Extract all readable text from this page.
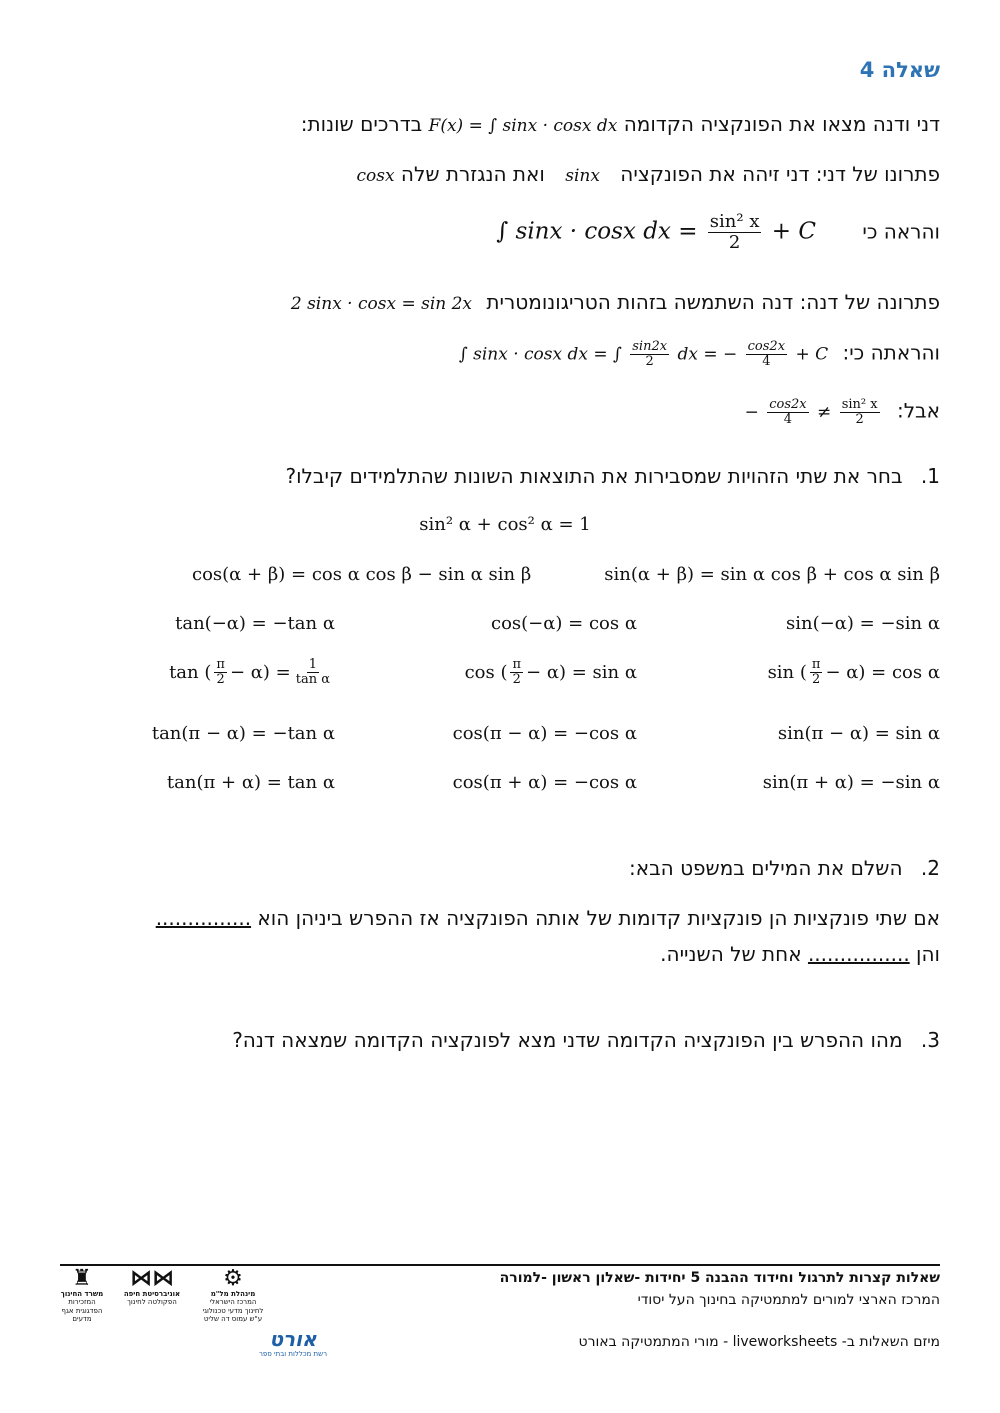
שאלה 4
דני ודנה מצאו את הפונקציה הקדומה F(x) = ∫ sinx · cosx dx בדרכים שונות:
פתרונו של דני: דני זיהה את הפונקציה sinx ואת הנגזרת שלה cosx
והראה כי ∫ sinx · cosx dx = $\frac{\text{sin² x}}{2} + C$
פתרונה של דנה: דנה השתמשה בזהות הטריגונומטרית 2 sinx · cosx = sin 2x
והראתה כי: ∫ sinx · cosx dx = ∫ $\frac{\sin 2x}{2}$ dx = − $\frac{\cos 2x}{4} + C$
אבל: − $\frac{\cos 2x}{4} \ne \frac{\text{sin² x}}{2}$
1. בחר את שתי הזהויות שמסבירות את התוצאות השונות שהתלמידים קיבלו?
sin² α + cos² α = 1
sin(α + β) = sin α cos β + cos α sin β
cos(α + β) = cos α cos β − sin α sin β
sin(−α) = −sin α
cos(−α) = cos α
tan(−α) = −tan α
sin ( $\frac{\pi}{2} - \alpha) = \cos \alpha$
cos ( $\frac{\pi}{2} - \alpha) = \sin \alpha$
tan ( $\frac{\pi}{2} - \alpha) = \frac{1}{\text{tan α}}$
sin(π − α) = sin α
cos(π − α) = −cos α
tan(π − α) = −tan α
sin(π + α) = −sin α
cos(π + α) = −cos α
tan(π + α) = tan α
2. השלם את המילים במשפט הבא:
אם שתי פונקציות הן פונקציות קדומות של אותה הפונקציה אז ההפרש ביניהן הוא ...............
והן ................ אחת של השנייה.
3. מהו ההפרש בין הפונקציה הקדומה שדני מצא לפונקציה הקדומה שמצאה דנה?
שאלות קצרות לתרגול וחידוד ההבנה 5 יחידות -שאלון ראשון -למורה
המרכז הארצי למורים למתמטיקה בחינוך העל יסודי
מיזם השאלות ב- liveworksheets - מורי המתמטיקה באורט
♜
משרד החינוך
המזכירות הפדגוגית אגף מדעים
⋈⋈
אוניברסיטת חיפה
הפקולטה לחינוך
⚙
מינהלת מל"מ
המרכז הישראלי לחינוך מדעי טכנולוגי ע"ש עמוס דה שליט
אורט
רשת מכללות ובתי ספר
